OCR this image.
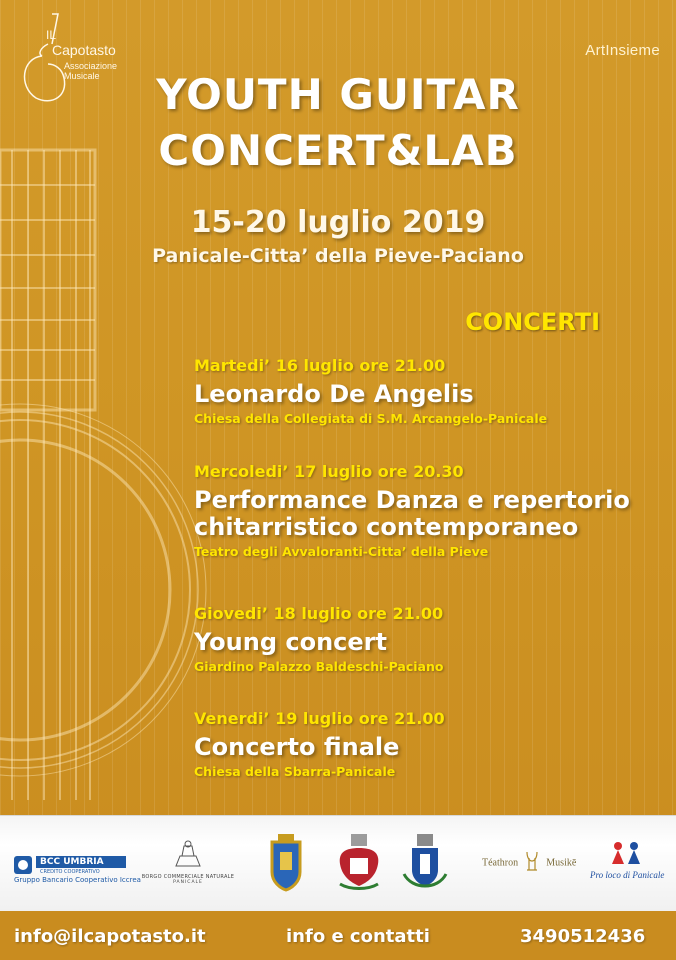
IL
Capotasto
Associazione
Musicale
ArtInsieme
YOUTH GUITAR
CONCERT&LAB
15-20 luglio 2019
Panicale-Citta’ della Pieve-Paciano
CONCERTI
Martedi’ 16 luglio ore 21.00
Leonardo De Angelis
Chiesa della Collegiata di S.M. Arcangelo-Panicale
Mercoledi’ 17 luglio ore 20.30
Performance Danza e repertorio
chitarristico contemporaneo
Teatro degli Avvaloranti-Citta’ della Pieve
Giovedi’ 18 luglio ore 21.00
Young concert
Giardino Palazzo Baldeschi-Paciano
Venerdi’ 19 luglio ore 21.00
Concerto finale
Chiesa della Sbarra-Panicale
BCC UMBRIA
CREDITO COOPERATIVO
Gruppo Bancario Cooperativo Iccrea BORGO COMMERCIALE NATURALE
PANICALE
Téathron	Musikē
Pro loco di Panicale
info@ilcapotasto.it	info e contatti	3490512436
